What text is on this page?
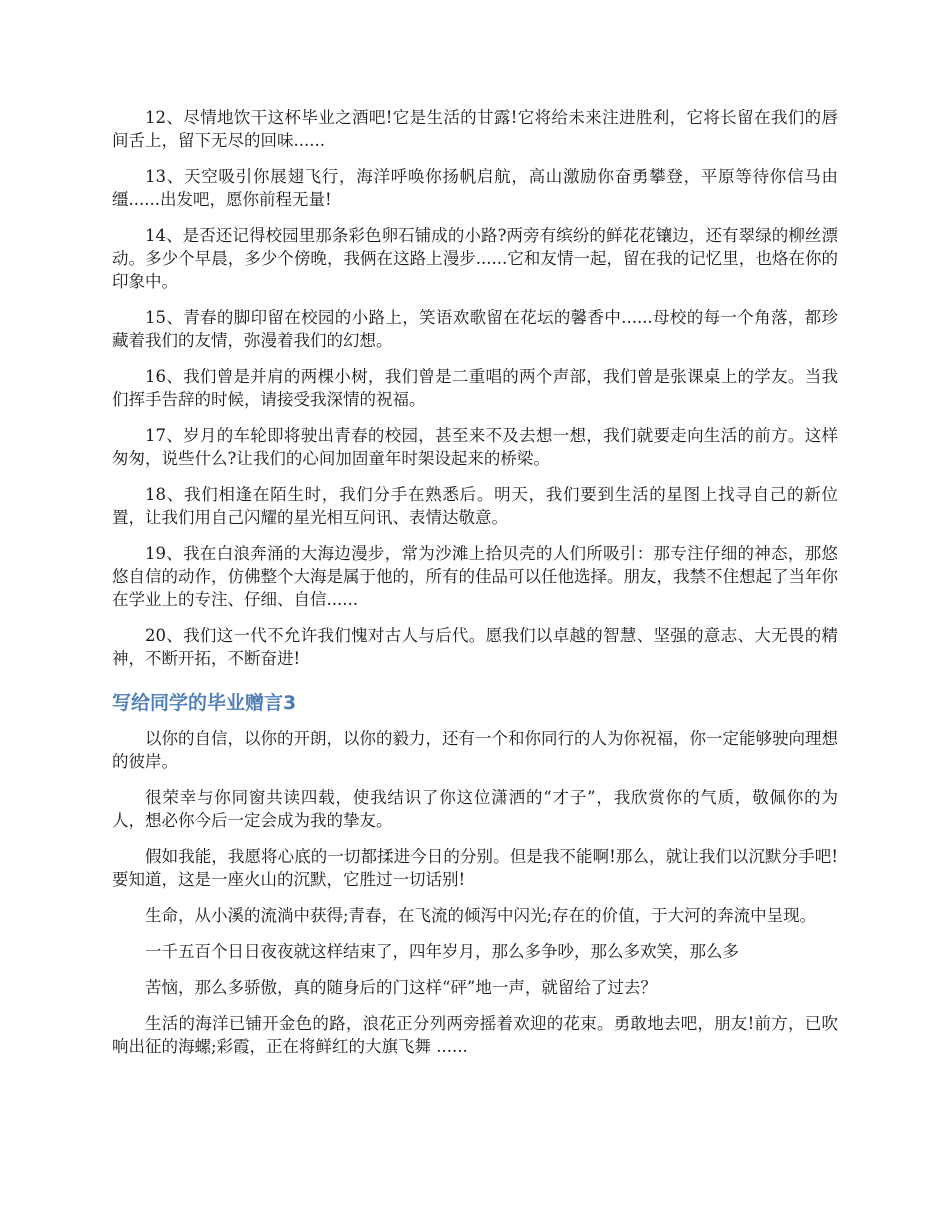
12、尽情地饮干这杯毕业之酒吧!它是生活的甘露!它将给未来注进胜利，它将长留在我们的唇间舌上，留下无尽的回味......

13、天空吸引你展翅飞行，海洋呼唤你扬帆启航，高山激励你奋勇攀登，平原等待你信马由缰......出发吧，愿你前程无量!

14、是否还记得校园里那条彩色卵石铺成的小路?两旁有缤纷的鲜花花镶边，还有翠绿的柳丝漂动。多少个早晨，多少个傍晚，我俩在这路上漫步......它和友情一起，留在我的记忆里，也烙在你的印象中。

15、青春的脚印留在校园的小路上，笑语欢歌留在花坛的馨香中......母校的每一个角落，都珍藏着我们的友情，弥漫着我们的幻想。

16、我们曾是并肩的两棵小树，我们曾是二重唱的两个声部，我们曾是张课桌上的学友。当我们挥手告辞的时候，请接受我深情的祝福。

17、岁月的车轮即将驶出青春的校园，甚至来不及去想一想，我们就要走向生活的前方。这样匆匆，说些什么?让我们的心间加固童年时架设起来的桥梁。

18、我们相逢在陌生时，我们分手在熟悉后。明天，我们要到生活的星图上找寻自己的新位置，让我们用自己闪耀的星光相互问讯、表情达敬意。

19、我在白浪奔涌的大海边漫步，常为沙滩上拾贝壳的人们所吸引：那专注仔细的神态，那悠悠自信的动作，仿佛整个大海是属于他的，所有的佳品可以任他选择。朋友，我禁不住想起了当年你在学业上的专注、仔细、自信......

20、我们这一代不允许我们愧对古人与后代。愿我们以卓越的智慧、坚强的意志、大无畏的精神，不断开拓，不断奋进!

写给同学的毕业赠言3

以你的自信，以你的开朗，以你的毅力，还有一个和你同行的人为你祝福，你一定能够驶向理想的彼岸。

很荣幸与你同窗共读四载，使我结识了你这位潇洒的“才子”，我欣赏你的气质，敬佩你的为人，想必你今后一定会成为我的挚友。

假如我能，我愿将心底的一切都揉进今日的分别。但是我不能啊!那么，就让我们以沉默分手吧!要知道，这是一座火山的沉默，它胜过一切话别!

生命，从小溪的流淌中获得;青春，在飞流的倾泻中闪光;存在的价值，于大河的奔流中呈现。

一千五百个日日夜夜就这样结束了，四年岁月，那么多争吵，那么多欢笑，那么多

苦恼，那么多骄傲，真的随身后的门这样“砰”地一声，就留给了过去？

生活的海洋已铺开金色的路，浪花正分列两旁摇着欢迎的花束。勇敢地去吧，朋友!前方，已吹响出征的海螺;彩霞，正在将鲜红的大旗飞舞 ......
